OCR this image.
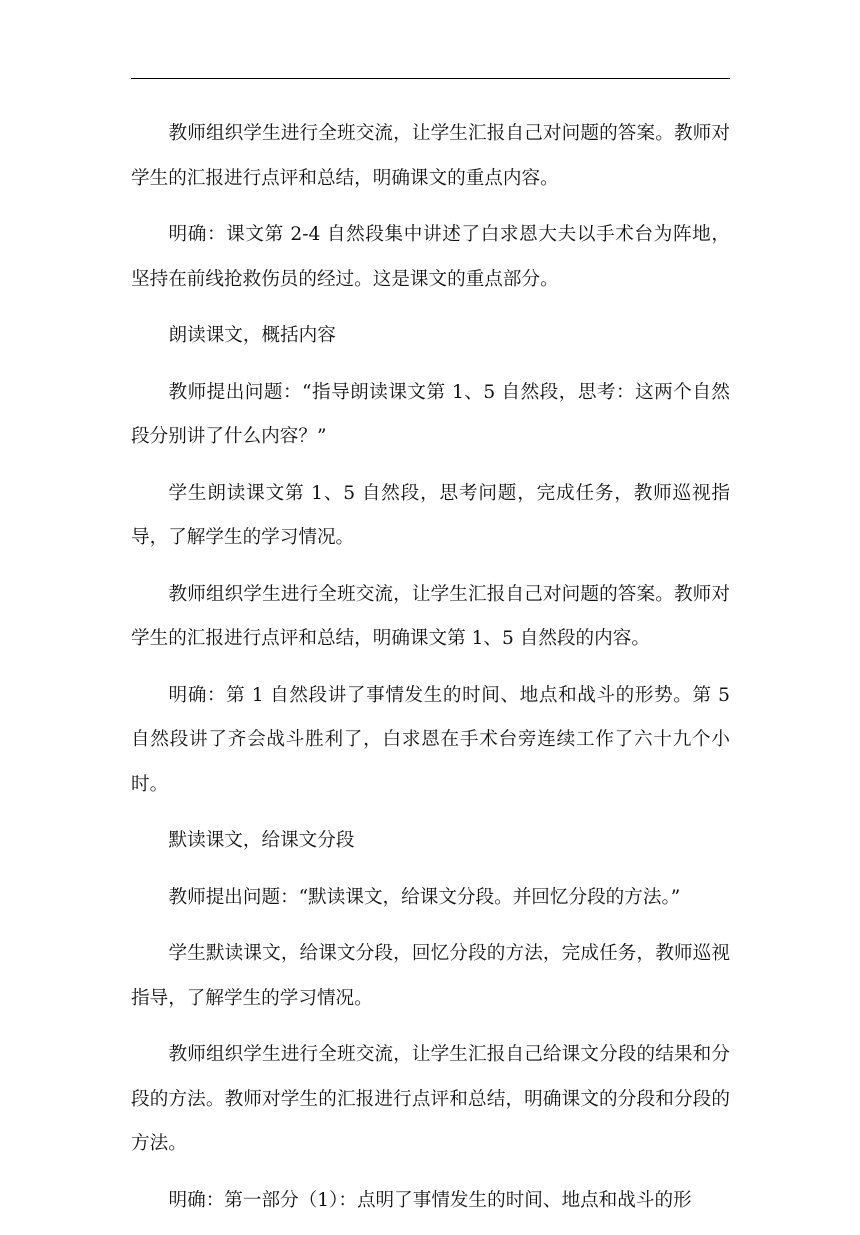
教师组织学生进行全班交流，让学生汇报自己对问题的答案。教师对学生的汇报进行点评和总结，明确课文的重点内容。

明确：课文第 2-4 自然段集中讲述了白求恩大夫以手术台为阵地，坚持在前线抢救伤员的经过。这是课文的重点部分。

朗读课文，概括内容

教师提出问题：“指导朗读课文第 1、5 自然段，思考：这两个自然段分别讲了什么内容？”

学生朗读课文第 1、5 自然段，思考问题，完成任务，教师巡视指导，了解学生的学习情况。

教师组织学生进行全班交流，让学生汇报自己对问题的答案。教师对学生的汇报进行点评和总结，明确课文第 1、5 自然段的内容。

明确：第 1 自然段讲了事情发生的时间、地点和战斗的形势。第 5 自然段讲了齐会战斗胜利了，白求恩在手术台旁连续工作了六十九个小时。

默读课文，给课文分段

教师提出问题：“默读课文，给课文分段。并回忆分段的方法。”

学生默读课文，给课文分段，回忆分段的方法，完成任务，教师巡视指导，了解学生的学习情况。

教师组织学生进行全班交流，让学生汇报自己给课文分段的结果和分段的方法。教师对学生的汇报进行点评和总结，明确课文的分段和分段的方法。

明确：第一部分（1）：点明了事情发生的时间、地点和战斗的形
